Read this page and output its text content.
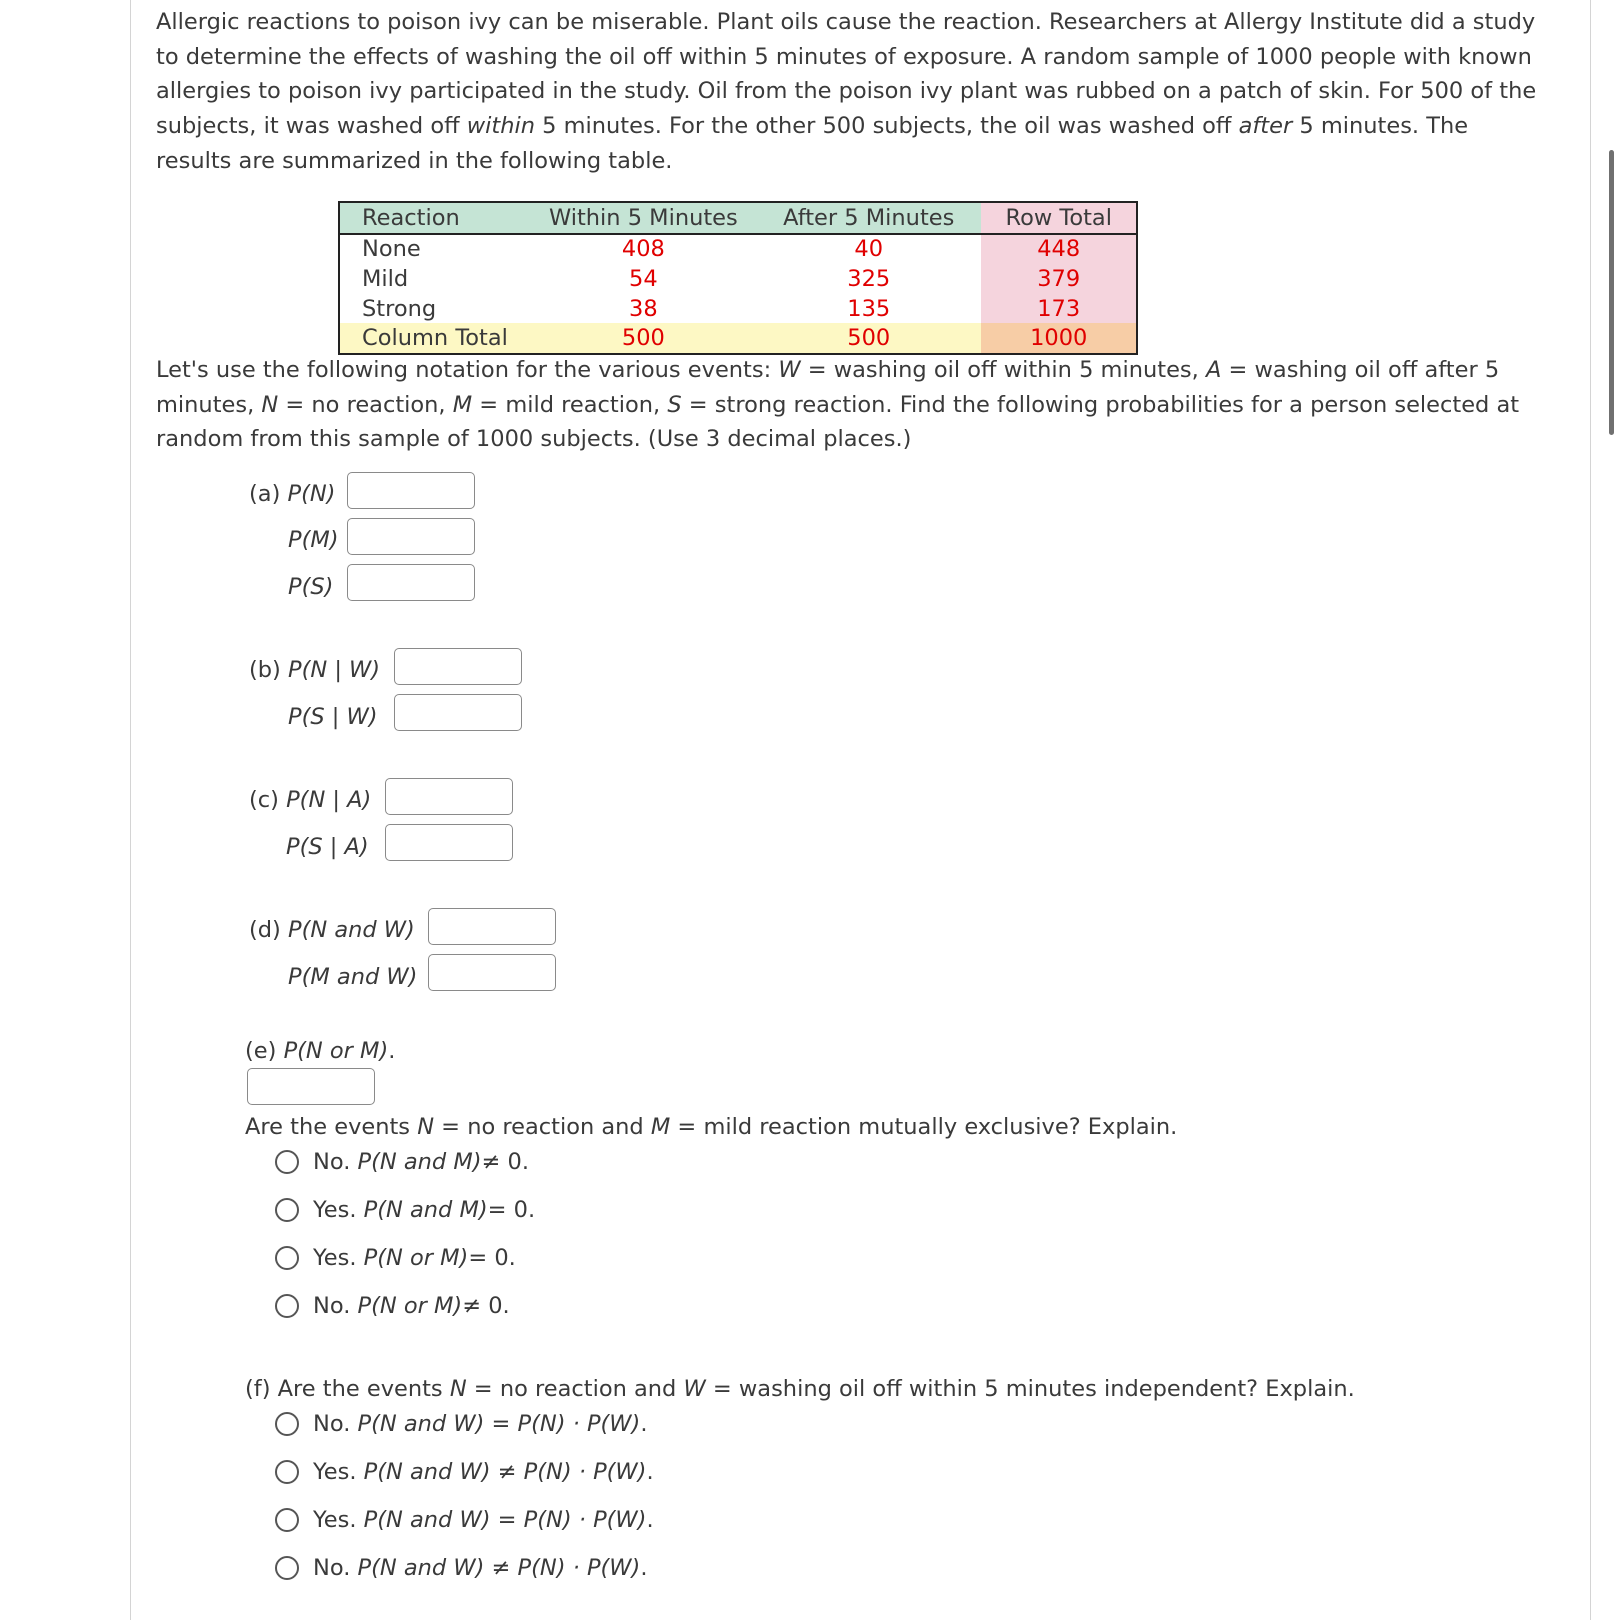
Allergic reactions to poison ivy can be miserable. Plant oils cause the reaction. Researchers at Allergy Institute did a study
to determine the effects of washing the oil off within 5 minutes of exposure. A random sample of 1000 people with known
allergies to poison ivy participated in the study. Oil from the poison ivy plant was rubbed on a patch of skin. For 500 of the
subjects, it was washed off within 5 minutes. For the other 500 subjects, the oil was washed off after 5 minutes. The
results are summarized in the following table.
Reaction	Within 5 Minutes	After 5 Minutes	Row Total
None	408	40	448
Mild	54	325	379
Strong	38	135	173
Column Total	500	500	1000
Let's use the following notation for the various events: W = washing oil off within 5 minutes, A = washing oil off after 5
minutes, N = no reaction, M = mild reaction, S = strong reaction. Find the following probabilities for a person selected at
random from this sample of 1000 subjects. (Use 3 decimal places.)
(a) P(N)
P(M)
P(S)
(b) P(N | W)
P(S | W)
(c) P(N | A)
P(S | A)
(d) P(N and W)
P(M and W)
(e) P(N or M).
Are the events N = no reaction and M = mild reaction mutually exclusive? Explain.
No.
P(N and M) ≠ 0.
Yes.
P(N and M) = 0.
Yes.
P(N or M) = 0.
No.
P(N or M) ≠ 0.
(f) Are the events N = no reaction and W = washing oil off within 5 minutes independent? Explain.
No.
P(N and W) = P(N) · P(W) .
Yes.
P(N and W) ≠ P(N) · P(W) .
Yes.
P(N and W) = P(N) · P(W) .
No.
P(N and W) ≠ P(N) · P(W) .
